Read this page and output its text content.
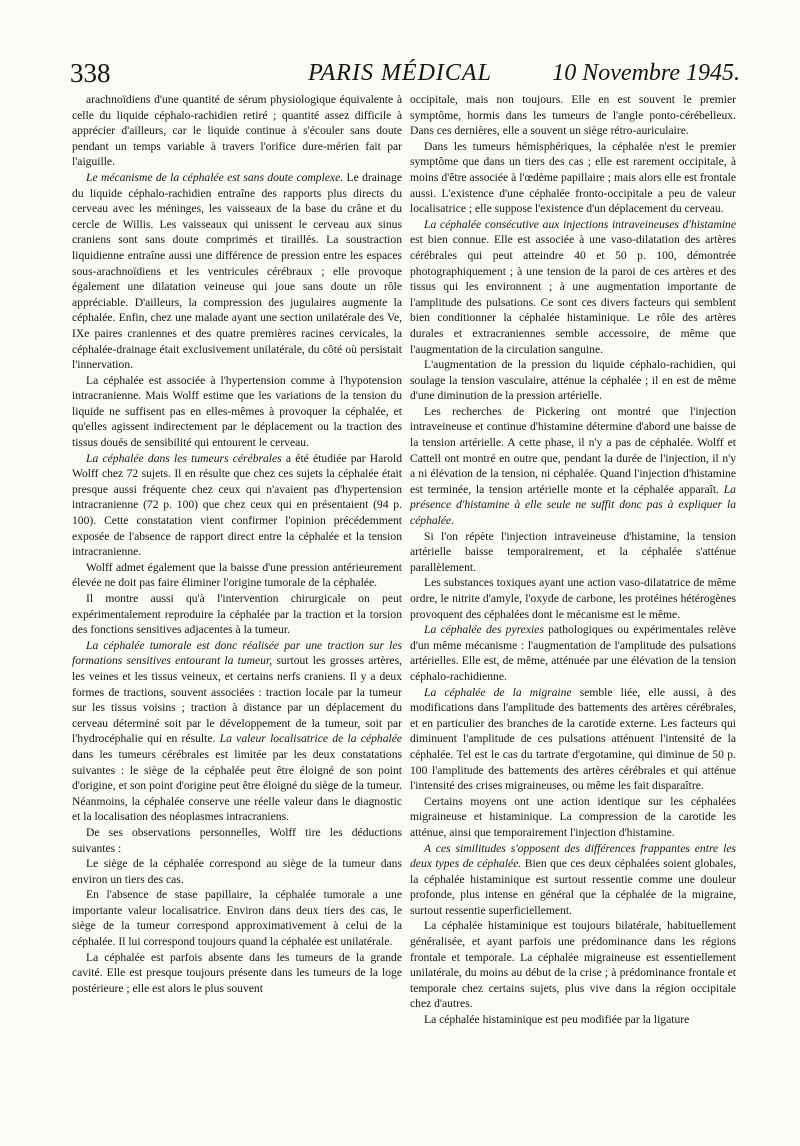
338	PARIS MÉDICAL	10 Novembre 1945.

arachnoïdiens d'une quantité de sérum physiologique équivalente à celle du liquide céphalo-rachidien retiré ; quantité assez difficile à apprécier d'ailleurs, car le liquide continue à s'écouler sans doute pendant un temps variable à travers l'orifice dure-mérien fait par l'aiguille.

Le mécanisme de la céphalée est sans doute complexe. Le drainage du liquide céphalo-rachidien entraîne des rapports plus directs du cerveau avec les méninges, les vaisseaux de la base du crâne et du cercle de Willis. Les vaisseaux qui unissent le cerveau aux sinus craniens sont sans doute comprimés et tiraillés. La soustraction liquidienne entraîne aussi une différence de pression entre les espaces sous-arachnoïdiens et les ventricules cérébraux ; elle provoque également une dilatation veineuse qui joue sans doute un rôle appréciable. D'ailleurs, la compression des jugulaires augmente la céphalée. Enfin, chez une malade ayant une section unilatérale des Ve, IXe paires craniennes et des quatre premières racines cervicales, la céphalée-drainage était exclusivement unilatérale, du côté où persistait l'innervation.

La céphalée est associée à l'hypertension comme à l'hypotension intracranienne. Mais Wolff estime que les variations de la tension du liquide ne suffisent pas en elles-mêmes à provoquer la céphalée, et qu'elles agissent indirectement par le déplacement ou la traction des tissus doués de sensibilité qui entourent le cerveau.

La céphalée dans les tumeurs cérébrales a été étudiée par Harold Wolff chez 72 sujets. Il en résulte que chez ces sujets la céphalée était presque aussi fréquente chez ceux qui n'avaient pas d'hypertension intracranienne (72 p. 100) que chez ceux qui en présentaient (94 p. 100). Cette constatation vient confirmer l'opinion précédemment exposée de l'absence de rapport direct entre la céphalée et la tension intracranienne.

Wolff admet également que la baisse d'une pression antérieurement élevée ne doit pas faire éliminer l'origine tumorale de la céphalée.

Il montre aussi qu'à l'intervention chirurgicale on peut expérimentalement reproduire la céphalée par la traction et la torsion des fonctions sensitives adjacentes à la tumeur.

La céphalée tumorale est donc réalisée par une traction sur les formations sensitives entourant la tumeur, surtout les grosses artères, les veines et les tissus veineux, et certains nerfs craniens. Il y a deux formes de tractions, souvent associées : traction locale par la tumeur sur les tissus voisins ; traction à distance par un déplacement du cerveau déterminé soit par le développement de la tumeur, soit par l'hydrocéphalie qui en résulte. La valeur localisatrice de la céphalée dans les tumeurs cérébrales est limitée par les deux constatations suivantes : le siège de la céphalée peut être éloigné de son point d'origine, et son point d'origine peut être éloigné du siège de la tumeur. Néanmoins, la céphalée conserve une réelle valeur dans le diagnostic et la localisation des néoplasmes intracraniens.

De ses observations personnelles, Wolff tire les déductions suivantes :

Le siège de la céphalée correspond au siège de la tumeur dans environ un tiers des cas.

En l'absence de stase papillaire, la céphalée tumorale a une importante valeur localisatrice. Environ dans deux tiers des cas, le siège de la tumeur correspond approximativement à celui de la céphalée. Il lui correspond toujours quand la céphalée est unilatérale.

La céphalée est parfois absente dans les tumeurs de la grande cavité. Elle est presque toujours présente dans les tumeurs de la loge postérieure ; elle est alors le plus souvent

occipitale, mais non toujours. Elle en est souvent le premier symptôme, hormis dans les tumeurs de l'angle ponto-cérébelleux. Dans ces dernières, elle a souvent un siège rétro-auriculaire.

Dans les tumeurs hémisphériques, la céphalée n'est le premier symptôme que dans un tiers des cas ; elle est rarement occipitale, à moins d'être associée à l'œdème papillaire ; mais alors elle est frontale aussi. L'existence d'une céphalée fronto-occipitale a peu de valeur localisatrice ; elle suppose l'existence d'un déplacement du cerveau.

La céphalée consécutive aux injections intraveineuses d'histamine est bien connue. Elle est associée à une vaso-dilatation des artères cérébrales qui peut atteindre 40 et 50 p. 100, démontrée photographiquement ; à une tension de la paroi de ces artères et des tissus qui les environnent ; à une augmentation importante de l'amplitude des pulsations. Ce sont ces divers facteurs qui semblent bien conditionner la céphalée histaminique. Le rôle des artères durales et extracraniennes semble accessoire, de même que l'augmentation de la circulation sanguine.

L'augmentation de la pression du liquide céphalo-rachidien, qui soulage la tension vasculaire, atténue la céphalée ; il en est de même d'une diminution de la pression artérielle.

Les recherches de Pickering ont montré que l'injection intraveineuse et continue d'histamine détermine d'abord une baisse de la tension artérielle. A cette phase, il n'y a pas de céphalée. Wolff et Cattell ont montré en outre que, pendant la durée de l'injection, il n'y a ni élévation de la tension, ni céphalée. Quand l'injection d'histamine est terminée, la tension artérielle monte et la céphalée apparaît. La présence d'histamine à elle seule ne suffit donc pas à expliquer la céphalée.

Si l'on répète l'injection intraveineuse d'histamine, la tension artérielle baisse temporairement, et la céphalée s'atténue parallèlement.

Les substances toxiques ayant une action vaso-dilatatrice de même ordre, le nitrite d'amyle, l'oxyde de carbone, les protéines hétérogènes provoquent des céphalées dont le mécanisme est le même.

La céphalée des pyrexies pathologiques ou expérimentales relève d'un même mécanisme : l'augmentation de l'amplitude des pulsations artérielles. Elle est, de même, atténuée par une élévation de la tension céphalo-rachidienne.

La céphalée de la migraine semble liée, elle aussi, à des modifications dans l'amplitude des battements des artères cérébrales, et en particulier des branches de la carotide externe. Les facteurs qui diminuent l'amplitude de ces pulsations atténuent l'intensité de la céphalée. Tel est le cas du tartrate d'ergotamine, qui diminue de 50 p. 100 l'amplitude des battements des artères cérébrales et qui atténue l'intensité des crises migraineuses, ou même les fait disparaître.

Certains moyens ont une action identique sur les céphalées migraineuse et histaminique. La compression de la carotide les atténue, ainsi que temporairement l'injection d'histamine.

A ces similitudes s'opposent des différences frappantes entre les deux types de céphalée. Bien que ces deux céphalées soient globales, la céphalée histaminique est surtout ressentie comme une douleur profonde, plus intense en général que la céphalée de la migraine, surtout ressentie superficiellement.

La céphalée histaminique est toujours bilatérale, habituellement généralisée, et ayant parfois une prédominance dans les régions frontale et temporale. La céphalée migraineuse est essentiellement unilatérale, du moins au début de la crise ; à prédominance frontale et temporale chez certains sujets, plus vive dans la région occipitale chez d'autres.

La céphalée histaminique est peu modifiée par la ligature
